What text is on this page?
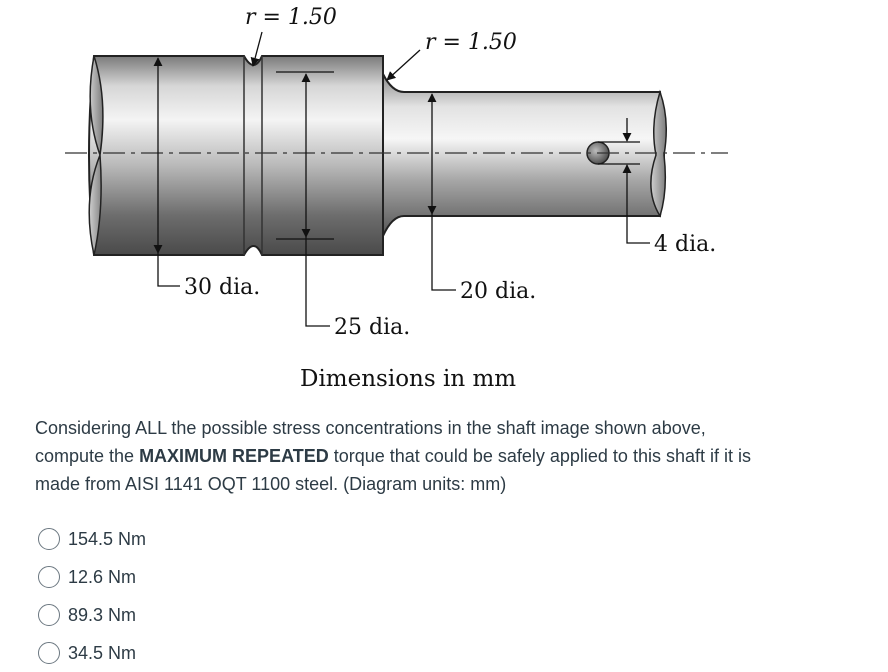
r = 1.50
r = 1.50
30 dia.
25 dia.
20 dia.
4 dia.
Dimensions in mm
Considering ALL the possible stress concentrations in the shaft image shown above, compute the MAXIMUM REPEATED torque that could be safely applied to this shaft if it is made from AISI 1141 OQT 1100 steel. (Diagram units: mm)
154.5 Nm
12.6 Nm
89.3 Nm
34.5 Nm
